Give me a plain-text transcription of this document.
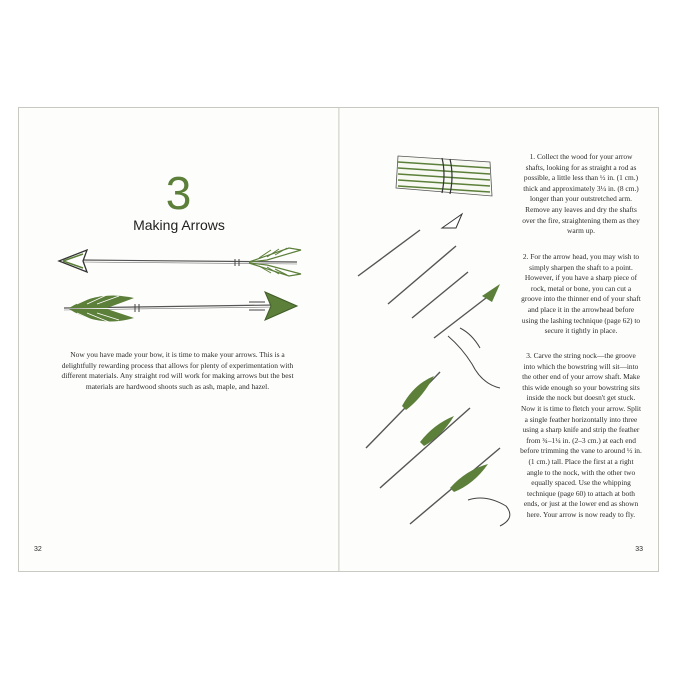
3
Making Arrows

Now you have made your bow, it is time to make your arrows. This is a delightfully rewarding process that allows for plenty of experimentation with different materials. Any straight rod will work for making arrows but the best materials are hardwood shoots such as ash, maple, and hazel.

32

1. Collect the wood for your arrow shafts, looking for as straight a rod as possible, a little less than ½ in. (1 cm.) thick and approximately 3¼ in. (8 cm.) longer than your outstretched arm. Remove any leaves and dry the shafts over the fire, straightening them as they warm up.

2. For the arrow head, you may wish to simply sharpen the shaft to a point. However, if you have a sharp piece of rock, metal or bone, you can cut a groove into the thinner end of your shaft and place it in the arrowhead before using the lashing technique (page 62) to secure it tightly in place.

3. Carve the string nock—the groove into which the bowstring will sit—into the other end of your arrow shaft. Make this wide enough so your bowstring sits inside the nock but doesn't get stuck. Now it is time to fletch your arrow. Split a single feather horizontally into three using a sharp knife and strip the feather from ¾–1¼ in. (2–3 cm.) at each end before trimming the vane to around ½ in. (1 cm.) tall. Place the first at a right angle to the nock, with the other two equally spaced. Use the whipping technique (page 60) to attach at both ends, or just at the lower end as shown here. Your arrow is now ready to fly.

33
